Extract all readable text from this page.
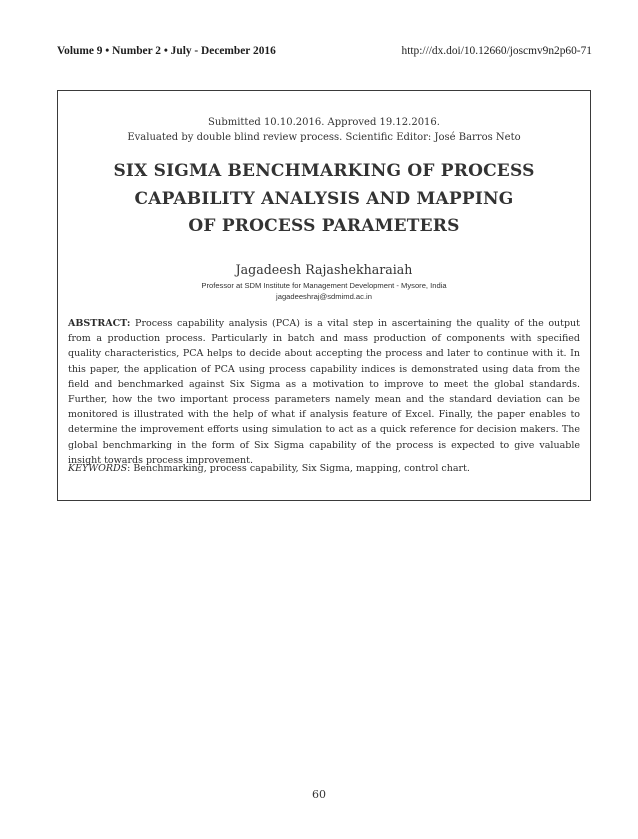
Volume 9 • Number 2 • July - December 2016	http:///dx.doi/10.12660/joscmv9n2p60-71
Submitted 10.10.2016. Approved 19.12.2016.
Evaluated by double blind review process. Scientific Editor: José Barros Neto
SIX SIGMA BENCHMARKING OF PROCESS
CAPABILITY ANALYSIS AND MAPPING
OF PROCESS PARAMETERS
Jagadeesh Rajashekharaiah
Professor at SDM Institute for Management Development - Mysore, India
jagadeeshraj@sdmimd.ac.in

ABSTRACT: Process capability analysis (PCA) is a vital step in ascertaining the quality of the output from a production process. Particularly in batch and mass production of components with specified quality characteristics, PCA helps to decide about accepting the process and later to continue with it. In this paper, the application of PCA using process capability indices is demonstrated using data from the field and benchmarked against Six Sigma as a motivation to improve to meet the global standards. Further, how the two important process parameters namely mean and the standard deviation can be monitored is illustrated with the help of what if analysis feature of Excel. Finally, the paper enables to determine the improvement efforts using simulation to act as a quick reference for decision makers. The global benchmarking in the form of Six Sigma capability of the process is expected to give valuable insight towards process improvement.

KEYWORDS: Benchmarking, process capability, Six Sigma, mapping, control chart.

60
